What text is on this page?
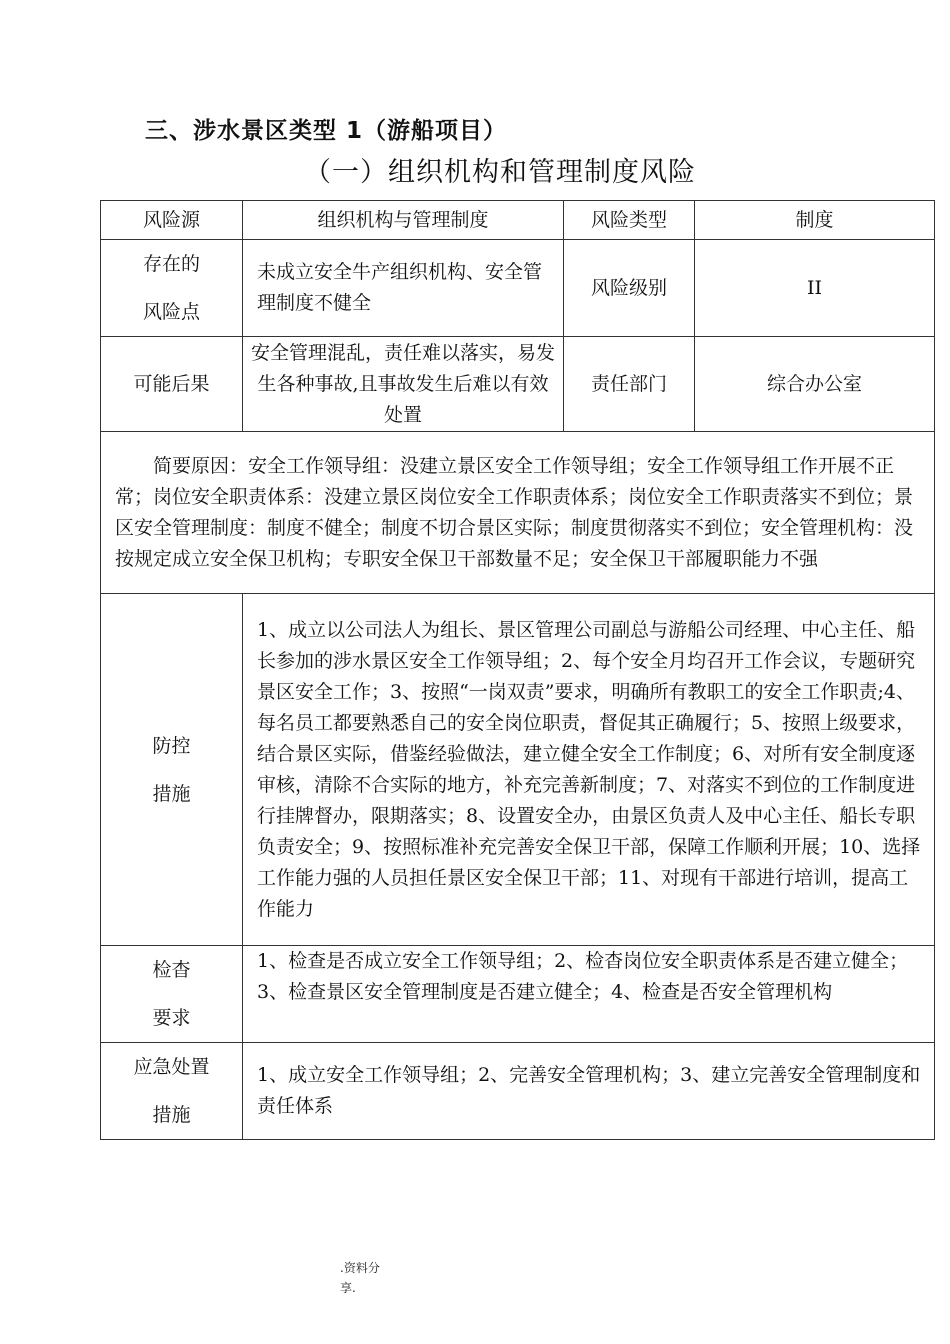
三、涉水景区类型 1（游船项目）
（一）组织机构和管理制度风险
风险源	组织机构与管理制度	风险类型	制度

存在的
风险点	未成立安全牛产组织机构、安全管理制度不健全	风险级别	II
可能后果	安全管理混乱，责任难以落实，易发生各种事故,且事故发生后难以有效处置	责任部门	综合办公室
简要原因：安全工作领导组：没建立景区安全工作领导组；安全工作领导组工作开展不正常；岗位安全职责体系：没建立景区岗位安全工作职责体系；岗位安全工作职责落实不到位；景区安全管理制度：制度不健全；制度不切合景区实际；制度贯彻落实不到位；安全管理机构：没按规定成立安全保卫机构；专职安全保卫干部数量不足；安全保卫干部履职能力不强			

防控
措施	1、成立以公司法人为组长、景区管理公司副总与游船公司经理、中心主任、船长参加的涉水景区安全工作领导组；2、每个安全月均召开工作会议，专题研究景区安全工作；3、按照“一岗双责”要求，明确所有教职工的安全工作职责;4、每名员工都要熟悉自己的安全岗位职责，督促其正确履行；5、按照上级要求，结合景区实际，借鉴经验做法，建立健全安全工作制度；6、对所有安全制度逐审核，清除不合实际的地方，补充完善新制度；7、对落实不到位的工作制度进行挂牌督办，限期落实；8、设置安全办，由景区负责人及中心主任、船长专职负责安全；9、按照标准补充完善安全保卫干部，保障工作顺利开展；10、选择工作能力强的人员担任景区安全保卫干部；11、对现有干部进行培训，提高工作能力		

检杳
要求	1、检查是否成立安全工作领导组；2、检杳岗位安全职责体系是否建立健全；3、检查景区安全管理制度是否建立健全；4、检查是否安全管理机构		

应急处置
措施	1、成立安全工作领导组；2、完善安全管理机构；3、建立完善安全管理制度和责任体系		
.资料分
享.
